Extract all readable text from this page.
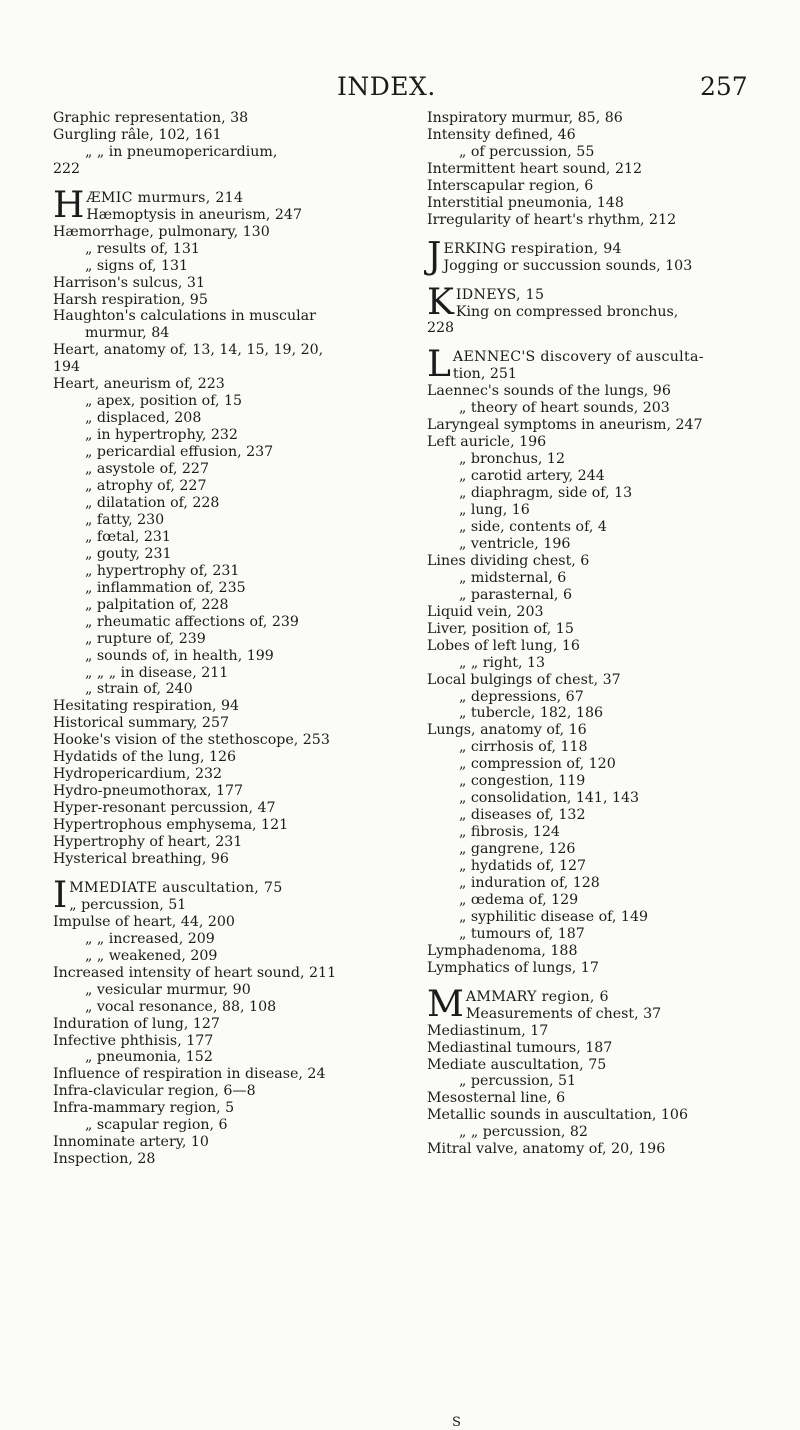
INDEX.	257
Graphic representation, 38
Gurgling râle, 102, 161
„ „ in pneumopericardium,
222
H ÆMIC murmurs, 214
Hæmoptysis in aneurism, 247
Hæmorrhage, pulmonary, 130
„ results of, 131
„ signs of, 131
Harrison's sulcus, 31
Harsh respiration, 95
Haughton's calculations in muscular
murmur, 84
Heart, anatomy of, 13, 14, 15, 19, 20,
194
Heart, aneurism of, 223
„ apex, position of, 15
„ displaced, 208
„ in hypertrophy, 232
„ pericardial effusion, 237
„ asystole of, 227
„ atrophy of, 227
„ dilatation of, 228
„ fatty, 230
„ fœtal, 231
„ gouty, 231
„ hypertrophy of, 231
„ inflammation of, 235
„ palpitation of, 228
„ rheumatic affections of, 239
„ rupture of, 239
„ sounds of, in health, 199
„ „ „ in disease, 211
„ strain of, 240
Hesitating respiration, 94
Historical summary, 257
Hooke's vision of the stethoscope, 253
Hydatids of the lung, 126
Hydropericardium, 232
Hydro-pneumothorax, 177
Hyper-resonant percussion, 47
Hypertrophous emphysema, 121
Hypertrophy of heart, 231
Hysterical breathing, 96
I MMEDIATE auscultation, 75
„ percussion, 51
Impulse of heart, 44, 200
„ „ increased, 209
„ „ weakened, 209
Increased intensity of heart sound, 211
„ vesicular murmur, 90
„ vocal resonance, 88, 108
Induration of lung, 127
Infective phthisis, 177
„ pneumonia, 152
Influence of respiration in disease, 24
Infra-clavicular region, 6—8
Infra-mammary region, 5
„ scapular region, 6
Innominate artery, 10
Inspection, 28
Inspiratory murmur, 85, 86
Intensity defined, 46
„ of percussion, 55
Intermittent heart sound, 212
Interscapular region, 6
Interstitial pneumonia, 148
Irregularity of heart's rhythm, 212
J ERKING respiration, 94
Jogging or succussion sounds, 103
K IDNEYS, 15
King on compressed bronchus,
228
L AENNEC'S discovery of ausculta-
tion, 251
Laennec's sounds of the lungs, 96
„ theory of heart sounds, 203
Laryngeal symptoms in aneurism, 247
Left auricle, 196
„ bronchus, 12
„ carotid artery, 244
„ diaphragm, side of, 13
„ lung, 16
„ side, contents of, 4
„ ventricle, 196
Lines dividing chest, 6
„ midsternal, 6
„ parasternal, 6
Liquid vein, 203
Liver, position of, 15
Lobes of left lung, 16
„ „ right, 13
Local bulgings of chest, 37
„ depressions, 67
„ tubercle, 182, 186
Lungs, anatomy of, 16
„ cirrhosis of, 118
„ compression of, 120
„ congestion, 119
„ consolidation, 141, 143
„ diseases of, 132
„ fibrosis, 124
„ gangrene, 126
„ hydatids of, 127
„ induration of, 128
„ œdema of, 129
„ syphilitic disease of, 149
„ tumours of, 187
Lymphadenoma, 188
Lymphatics of lungs, 17
M AMMARY region, 6
Measurements of chest, 37
Mediastinum, 17
Mediastinal tumours, 187
Mediate auscultation, 75
„ percussion, 51
Mesosternal line, 6
Metallic sounds in auscultation, 106
„ „ percussion, 82
Mitral valve, anatomy of, 20, 196
S
